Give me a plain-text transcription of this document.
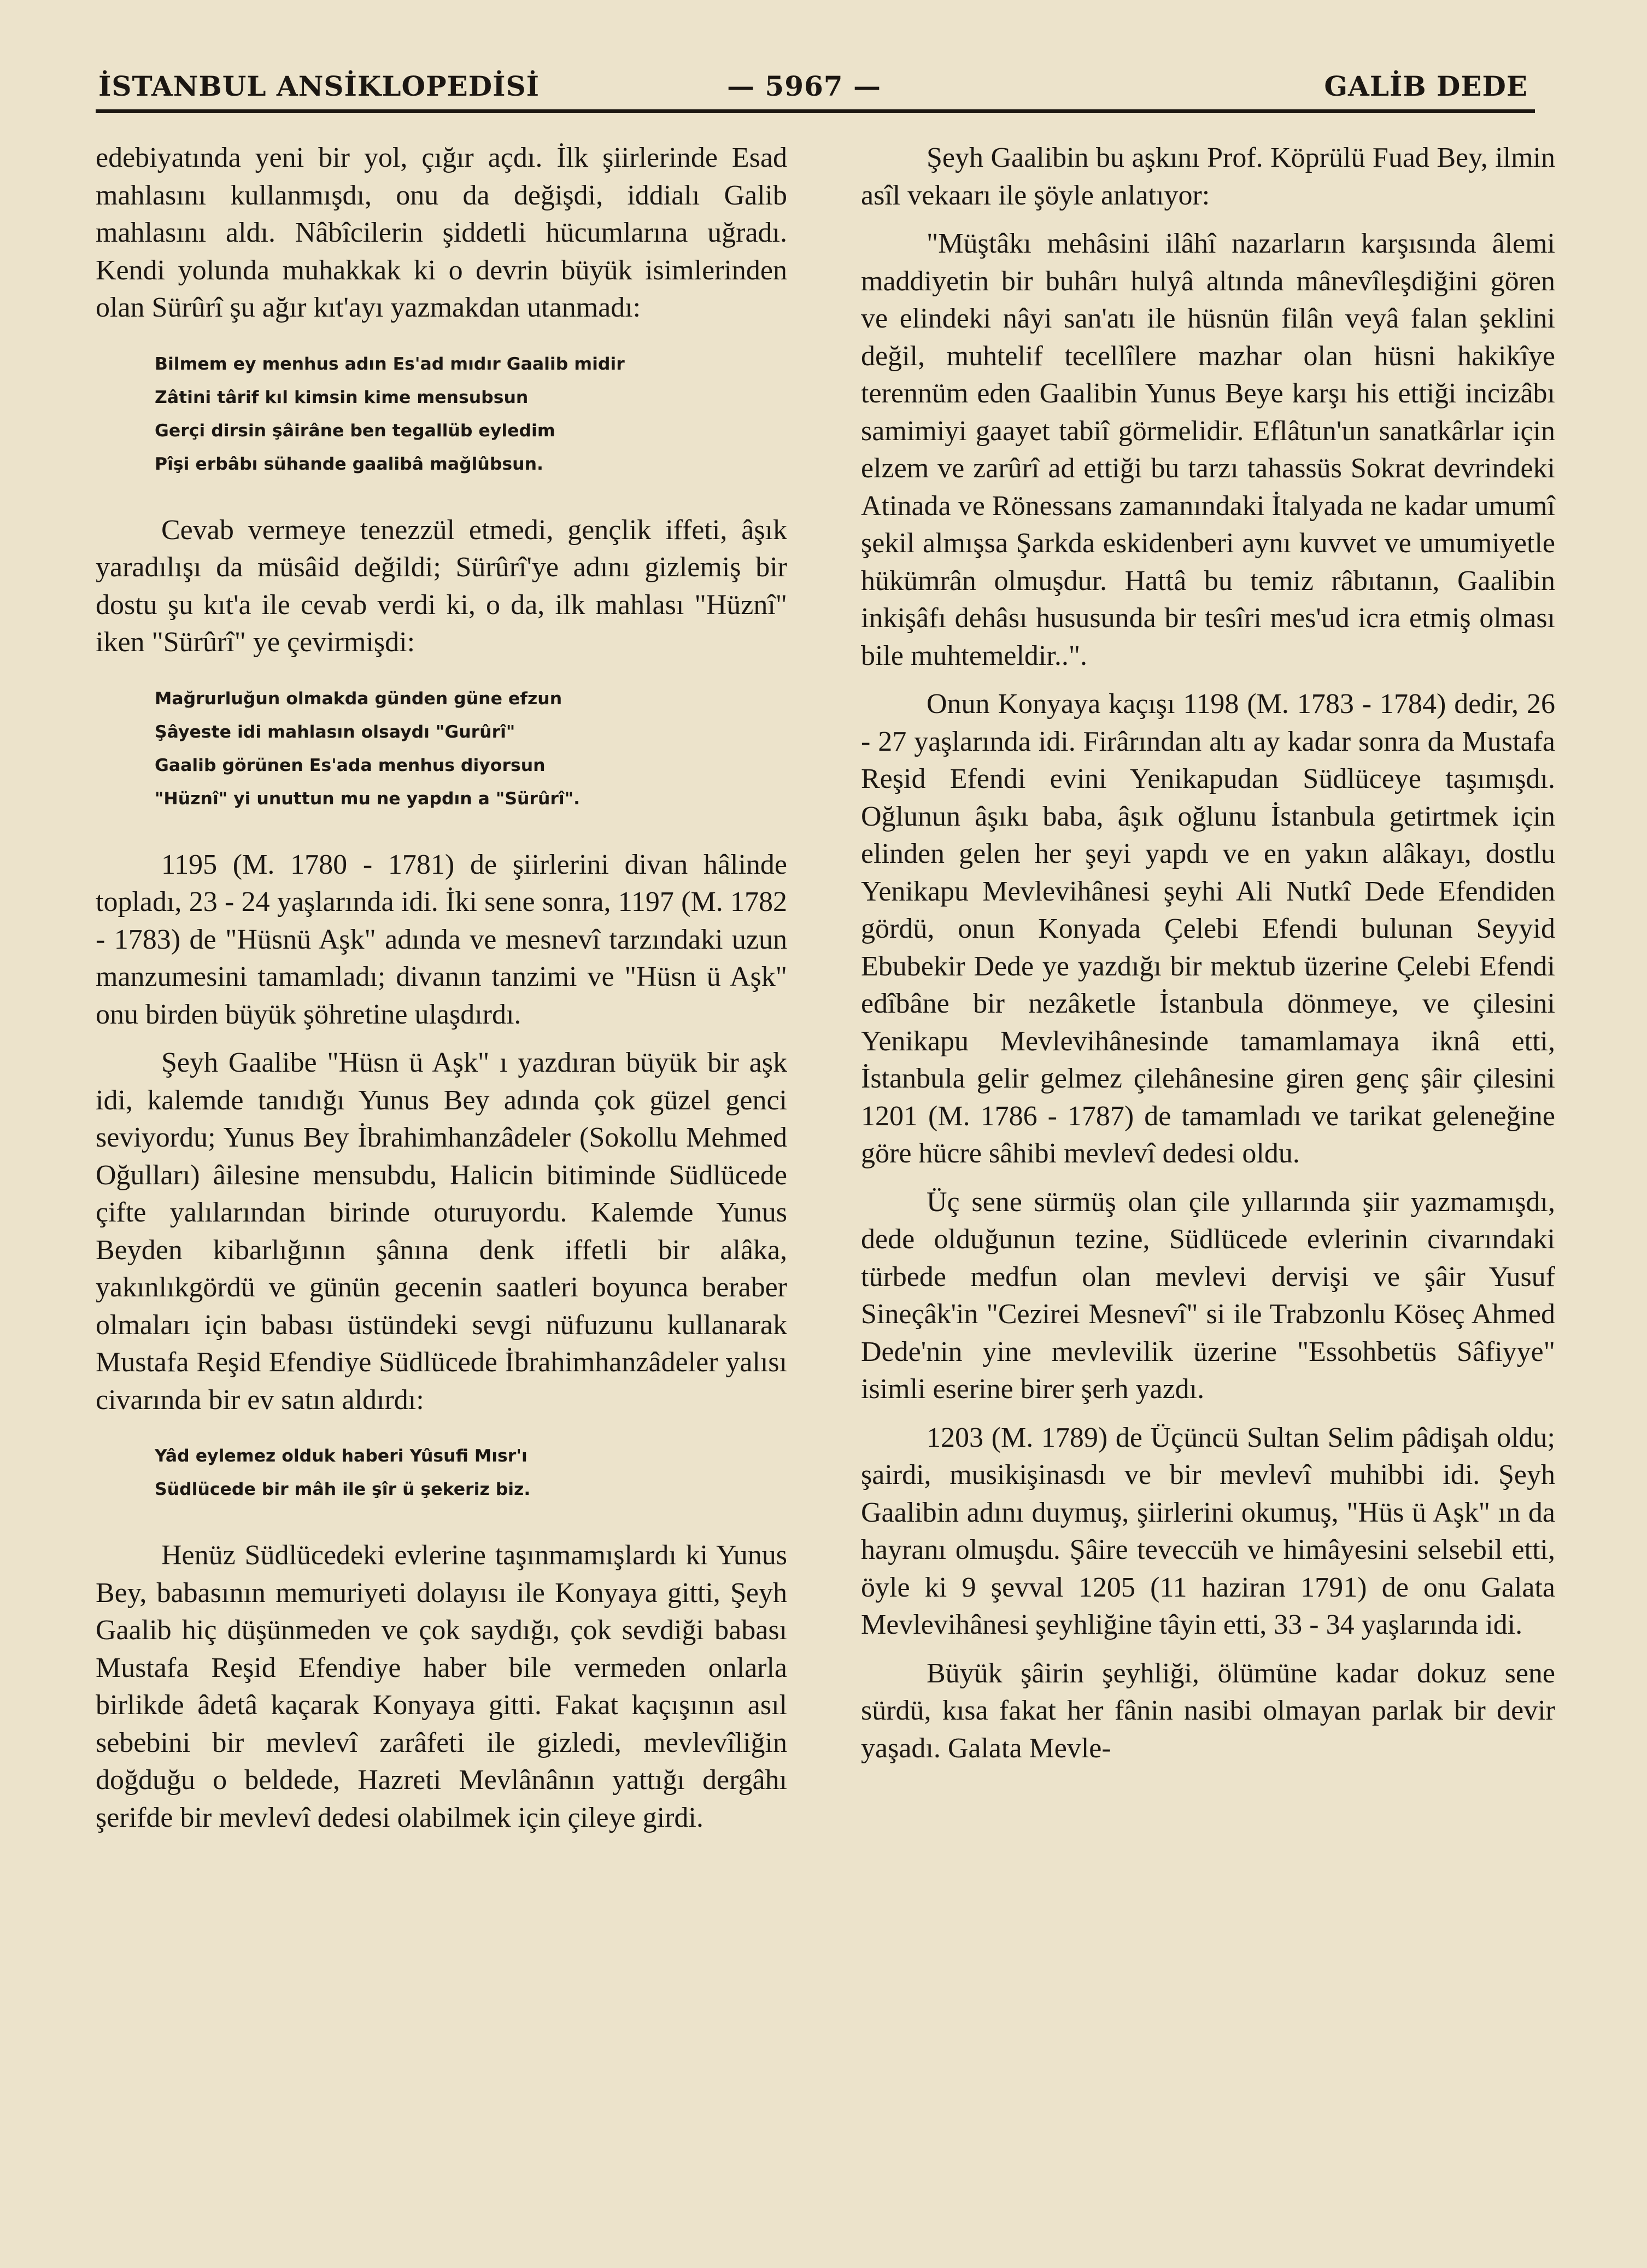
İSTANBUL ANSİKLOPEDİSİ	— 5967 —	GALİB DEDE

edebiyatında yeni bir yol, çığır açdı. İlk şiirlerinde Esad mahlasını kullanmışdı, onu da değişdi, iddialı Galib mahlasını aldı. Nâbîcilerin şiddetli hücumlarına uğradı. Kendi yolunda muhakkak ki o devrin büyük isimlerinden olan Sürûrî şu ağır kıt'ayı yazmakdan utanmadı:

Bilmem ey menhus adın Es'ad mıdır Gaalib midir
Zâtini târif kıl kimsin kime mensubsun
Gerçi dirsin şâirâne ben tegallüb eyledim
Pîşi erbâbı sühande gaalibâ mağlûbsun.

Cevab vermeye tenezzül etmedi, gençlik iffeti, âşık yaradılışı da müsâid değildi; Sürûrî'ye adını gizlemiş bir dostu şu kıt'a ile cevab verdi ki, o da, ilk mahlası "Hüznî" iken "Sürûrî" ye çevirmişdi:

Mağrurluğun olmakda günden güne efzun
Şâyeste idi mahlasın olsaydı "Gurûrî"
Gaalib görünen Es'ada menhus diyorsun
"Hüznî" yi unuttun mu ne yapdın a "Sürûrî".

1195 (M. 1780 - 1781) de şiirlerini divan hâlinde topladı, 23 - 24 yaşlarında idi. İki sene sonra, 1197 (M. 1782 - 1783) de "Hüsnü Aşk" adında ve mesnevî tarzındaki uzun manzumesini tamamladı; divanın tanzimi ve "Hüsn ü Aşk" onu birden büyük şöhretine ulaşdırdı.

Şeyh Gaalibe "Hüsn ü Aşk" ı yazdıran büyük bir aşk idi, kalemde tanıdığı Yunus Bey adında çok güzel genci seviyordu; Yunus Bey İbrahimhanzâdeler (Sokollu Mehmed Oğulları) âilesine mensubdu, Halicin bitiminde Südlücede çifte yalılarından birinde oturuyordu. Kalemde Yunus Beyden kibarlığının şânına denk iffetli bir alâka, yakınlıkgördü ve günün gecenin saatleri boyunca beraber olmaları için babası üstündeki sevgi nüfuzunu kullanarak Mustafa Reşid Efendiye Südlücede İbrahimhanzâdeler yalısı civarında bir ev satın aldırdı:

Yâd eylemez olduk haberi Yûsufi Mısr'ı
Südlücede bir mâh ile şîr ü şekeriz biz.

Henüz Südlücedeki evlerine taşınmamışlardı ki Yunus Bey, babasının memuriyeti dolayısı ile Konyaya gitti, Şeyh Gaalib hiç düşünmeden ve çok saydığı, çok sevdiği babası Mustafa Reşid Efendiye haber bile vermeden onlarla birlikde âdetâ kaçarak Konyaya gitti. Fakat kaçışının asıl sebebini bir mevlevî zarâfeti ile gizledi, mevlevîliğin doğduğu o beldede, Hazreti Mevlânânın yattığı dergâhı şerifde bir mevlevî dedesi olabilmek için çileye girdi.

Şeyh Gaalibin bu aşkını Prof. Köprülü Fuad Bey, ilmin asîl vekaarı ile şöyle anlatıyor:

"Müştâkı mehâsini ilâhî nazarların karşısında âlemi maddiyetin bir buhârı hulyâ altında mânevîleşdiğini gören ve elindeki nâyi san'atı ile hüsnün filân veyâ falan şeklini değil, muhtelif tecellîlere mazhar olan hüsni hakikîye terennüm eden Gaalibin Yunus Beye karşı his ettiği incizâbı samimiyi gaayet tabiî görmelidir. Eflâtun'un sanatkârlar için elzem ve zarûrî ad ettiği bu tarzı tahassüs Sokrat devrindeki Atinada ve Rönessans zamanındaki İtalyada ne kadar umumî şekil almışsa Şarkda eskidenberi aynı kuvvet ve umumiyetle hükümrân olmuşdur. Hattâ bu temiz râbıtanın, Gaalibin inkişâfı dehâsı hususunda bir tesîri mes'ud icra etmiş olması bile muhtemeldir..".

Onun Konyaya kaçışı 1198 (M. 1783 - 1784) dedir, 26 - 27 yaşlarında idi. Firârından altı ay kadar sonra da Mustafa Reşid Efendi evini Yenikapudan Südlüceye taşımışdı. Oğlunun âşıkı baba, âşık oğlunu İstanbula getirtmek için elinden gelen her şeyi yapdı ve en yakın alâkayı, dostlu Yenikapu Mevlevihânesi şeyhi Ali Nutkî Dede Efendiden gördü, onun Konyada Çelebi Efendi bulunan Seyyid Ebubekir Dede ye yazdığı bir mektub üzerine Çelebi Efendi edîbâne bir nezâketle İstanbula dönmeye, ve çilesini Yenikapu Mevlevihânesinde tamamlamaya iknâ etti, İstanbula gelir gelmez çilehânesine giren genç şâir çilesini 1201 (M. 1786 - 1787) de tamamladı ve tarikat geleneğine göre hücre sâhibi mevlevî dedesi oldu.

Üç sene sürmüş olan çile yıllarında şiir yazmamışdı, dede olduğunun tezine, Südlücede evlerinin civarındaki türbede medfun olan mevlevi dervişi ve şâir Yusuf Sineçâk'in "Cezirei Mesnevî" si ile Trabzonlu Köseç Ahmed Dede'nin yine mevlevilik üzerine "Essohbetüs Sâfiyye" isimli eserine birer şerh yazdı.

1203 (M. 1789) de Üçüncü Sultan Selim pâdişah oldu; şairdi, musikişinasdı ve bir mevlevî muhibbi idi. Şeyh Gaalibin adını duymuş, şiirlerini okumuş, "Hüs ü Aşk" ın da hayranı olmuşdu. Şâire teveccüh ve himâyesini selsebil etti, öyle ki 9 şevval 1205 (11 haziran 1791) de onu Galata Mevlevihânesi şeyhliğine tâyin etti, 33 - 34 yaşlarında idi.

Büyük şâirin şeyhliği, ölümüne kadar dokuz sene sürdü, kısa fakat her fânin nasibi olmayan parlak bir devir yaşadı. Galata Mevle-
